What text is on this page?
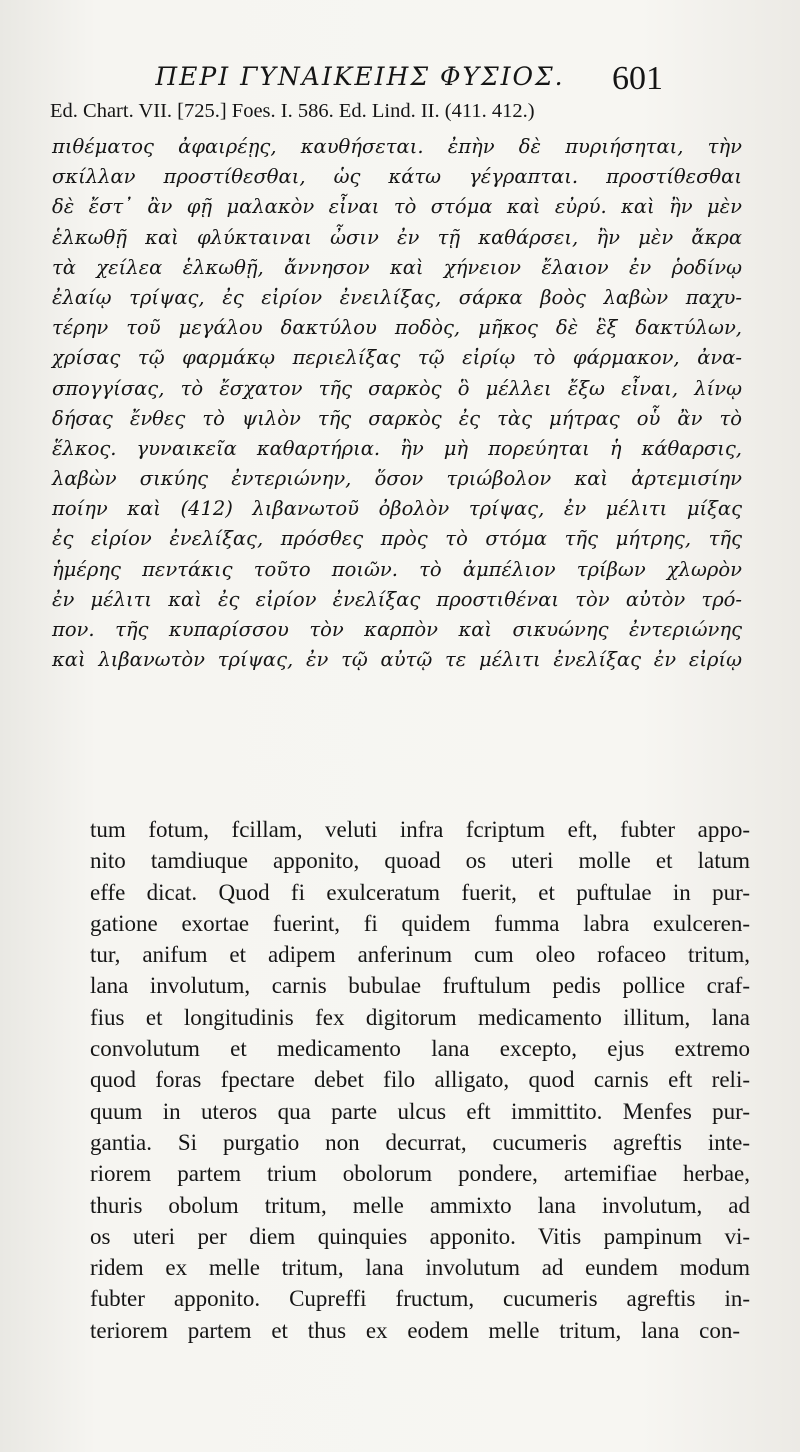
ΠΕΡΙ ΓΥΝΑΙΚΕΙΗΣ ΦΥΣΙΟΣ.	601
Ed. Chart. VII. [725.] Foes. I. 586. Ed. Lind. II. (411. 412.)
πιθέματος ἀφαιρέῃς, καυθήσεται. ἐπὴν δὲ πυριήσηται, τὴν
σκίλλαν προστίθεσθαι, ὡς κάτω γέγραπται. προστίθεσθαι
δὲ ἔστ᾽ ἂν φῇ μαλακὸν εἶναι τὸ στόμα καὶ εὐρύ. καὶ ἢν μὲν
ἑλκωθῇ καὶ φλύκταιναι ὦσιν ἐν τῇ καθάρσει, ἢν μὲν ἄκρα
τὰ χείλεα ἑλκωθῇ, ἄννησον καὶ χήνειον ἔλαιον ἐν ῥοδίνῳ
ἐλαίῳ τρίψας, ἐς εἰρίον ἐνειλίξας, σάρκα βοὸς λαβὼν παχυ-
τέρην τοῦ μεγάλου δακτύλου ποδὸς, μῆκος δὲ ἓξ δακτύλων,
χρίσας τῷ φαρμάκῳ περιελίξας τῷ εἰρίῳ τὸ φάρμακον, ἀνα-
σπογγίσας, τὸ ἔσχατον τῆς σαρκὸς ὃ μέλλει ἔξω εἶναι, λίνῳ
δήσας ἔνθες τὸ ψιλὸν τῆς σαρκὸς ἐς τὰς μήτρας οὗ ἂν τὸ
ἕλκος. γυναικεῖα καθαρτήρια. ἢν μὴ πορεύηται ἡ κάθαρσις,
λαβὼν σικύης ἐντεριώνην, ὅσον τριώβολον καὶ ἀρτεμισίην
ποίην καὶ (412) λιβανωτοῦ ὀβολὸν τρίψας, ἐν μέλιτι μίξας
ἐς εἰρίον ἐνελίξας, πρόσθες πρὸς τὸ στόμα τῆς μήτρης, τῆς
ἡμέρης πεντάκις τοῦτο ποιῶν. τὸ ἀμπέλιον τρίβων χλωρὸν
ἐν μέλιτι καὶ ἐς εἰρίον ἐνελίξας προστιθέναι τὸν αὐτὸν τρό-
πον. τῆς κυπαρίσσου τὸν καρπὸν καὶ σικυώνης ἐντεριώνης
καὶ λιβανωτὸν τρίψας, ἐν τῷ αὐτῷ τε μέλιτι ἐνελίξας ἐν εἰρίῳ
tum fotum, fcillam, veluti infra fcriptum eft, fubter appo-
nito tamdiuque apponito, quoad os uteri molle et latum
effe dicat. Quod fi exulceratum fuerit, et puftulae in pur-
gatione exortae fuerint, fi quidem fumma labra exulceren-
tur, anifum et adipem anferinum cum oleo rofaceo tritum,
lana involutum, carnis bubulae fruftulum pedis pollice craf-
fius et longitudinis fex digitorum medicamento illitum, lana
convolutum et medicamento lana excepto, ejus extremo
quod foras fpectare debet filo alligato, quod carnis eft reli-
quum in uteros qua parte ulcus eft immittito. Menfes pur-
gantia. Si purgatio non decurrat, cucumeris agreftis inte-
riorem partem trium obolorum pondere, artemifiae herbae,
thuris obolum tritum, melle ammixto lana involutum, ad
os uteri per diem quinquies apponito. Vitis pampinum vi-
ridem ex melle tritum, lana involutum ad eundem modum
fubter apponito. Cupreffi fructum, cucumeris agreftis in-
teriorem partem et thus ex eodem melle tritum, lana con-
